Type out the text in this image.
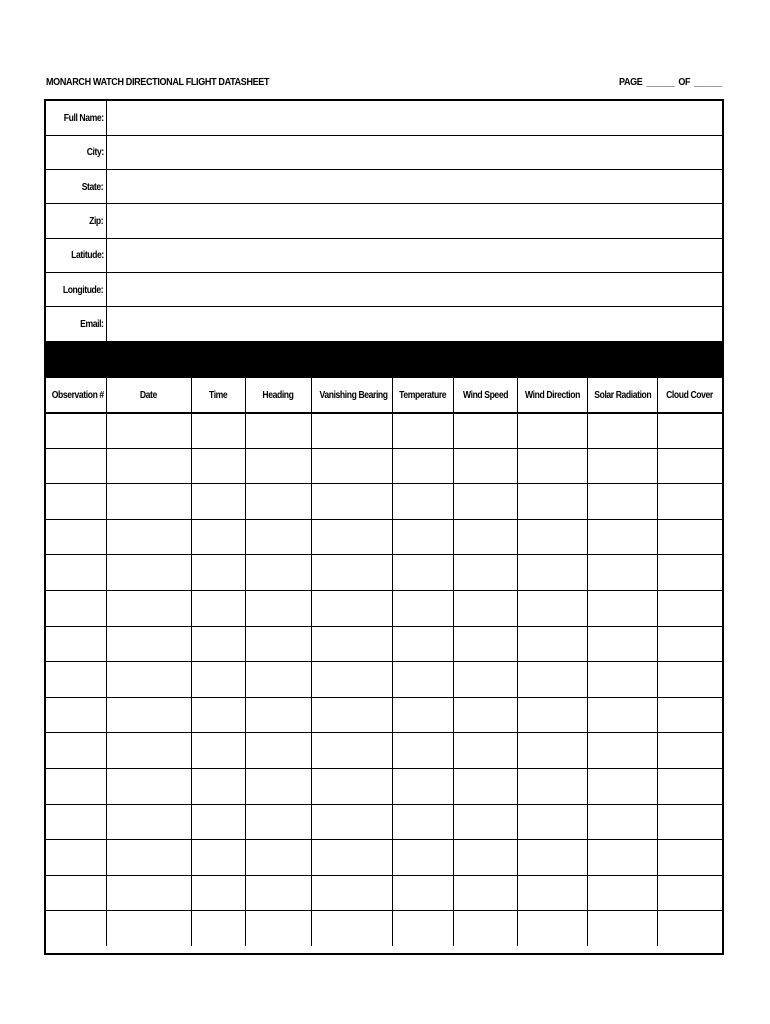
MONARCH WATCH DIRECTIONAL FLIGHT DATASHEET	PAGE ______ OF ______
Full Name:	
City:	
State:	
Zip:	
Latitude:	
Longitude:	
Email:	
Observation #	Date	Time	Heading	Vanishing Bearing	Temperature	Wind Speed	Wind Direction	Solar Radiation	Cloud Cover
